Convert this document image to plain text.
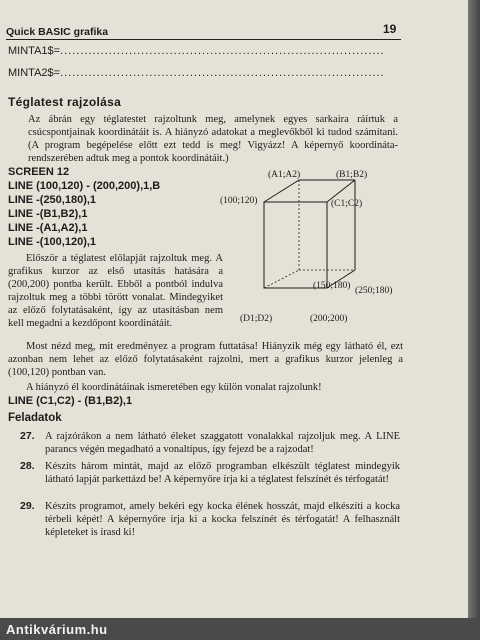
Quick BASIC grafika	19
MINTA1$=................................................................................
MINTA2$=................................................................................
Téglatest rajzolása

Az ábrán egy téglatestet rajzoltunk meg, amelynek egyes sarkaira ráírtuk a csúcspontjainak koordinátáit is. A hiányzó adatokat a meglevőkből ki tudod számítani. (A program begépelése előtt ezt tedd is meg! Vigyázz! A képernyő koordináta-rendszerében adtuk meg a pontok koordinátáit.)

SCREEN 12
LINE (100,120) - (200,200),1,B
LINE -(250,180),1
LINE -(B1,B2),1
LINE -(A1,A2),1
LINE -(100,120),1

Először a téglatest előlapját rajzoltuk meg. A grafikus kurzor az első utasítás hatására a (200,200) pontba került. Ebből a pontból indulva rajzoltuk meg a többi törött vonalat. Mindegyiket az előző folytatásaként, így az utasításban nem kell megadni a kezdőpont koordinátáit.

Most nézd meg, mit eredményez a program futtatása! Hiányzik még egy látható él, ezt azonban nem lehet az előző folytatásaként rajzolni, mert a grafikus kurzor jelenleg a (100,120) pontban van.

A hiányzó él koordinátáinak ismeretében egy külön vonalat rajzolunk!

LINE (C1,C2) - (B1,B2),1
Feladatok
27. A rajzórákon a nem látható éleket szaggatott vonalakkal rajzoljuk meg. A LINE parancs végén megadható a vonaltípus, így fejezd be a rajzodat!

28. Készíts három mintát, majd az előző programban elkészült téglatest mindegyik látható lapját parkettázd be! A képernyőre írja ki a téglatest felszínét és térfogatát!

29. Készíts programot, amely bekéri egy kocka élének hosszát, majd elkészíti a kocka térbeli képét! A képernyőre írja ki a kocka felszínét és térfogatát! A felhasznált képleteket is írasd ki!

(A1;A2)	(B1;B2)
(100;120)	(C1;C2)
(150;180) (250;180)
(D1;D2)	(200;200)
Antikvárium.hu
